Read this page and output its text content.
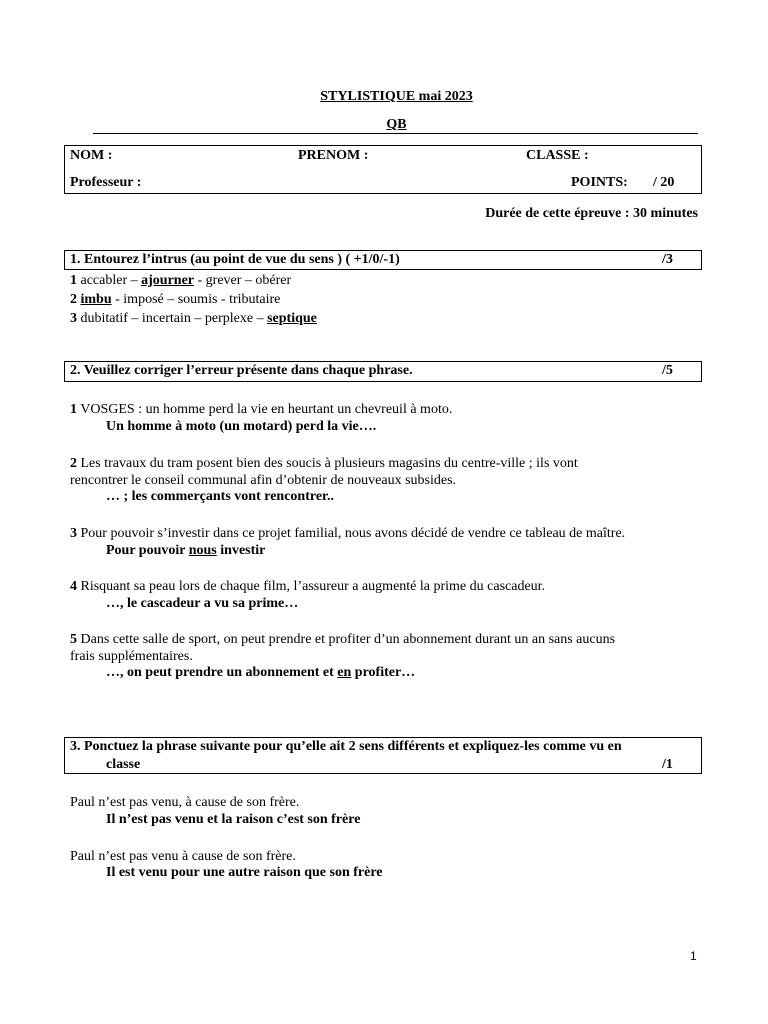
STYLISTIQUE mai 2023
QB
NOM :	PRENOM :	CLASSE :
Professeur :	POINTS: / 20
Durée de cette épreuve : 30 minutes
1. Entourez l’intrus (au point de vue du sens ) ( +1/0/-1)	/3
1 accabler – ajourner - grever – obérer
2 imbu - imposé – soumis - tributaire
3 dubitatif – incertain – perplexe – septique
2. Veuillez corriger l’erreur présente dans chaque phrase.	/5
1 VOSGES : un homme perd la vie en heurtant un chevreuil à moto.
Un homme à moto (un motard) perd la vie….
2 Les travaux du tram posent bien des soucis à plusieurs magasins du centre-ville ; ils vont
rencontrer le conseil communal afin d’obtenir de nouveaux subsides.
… ; les commerçants vont rencontrer..
3 Pour pouvoir s’investir dans ce projet familial, nous avons décidé de vendre ce tableau de maître.
Pour pouvoir nous investir
4 Risquant sa peau lors de chaque film, l’assureur a augmenté la prime du cascadeur.
…, le cascadeur a vu sa prime…
5 Dans cette salle de sport, on peut prendre et profiter d’un abonnement durant un an sans aucuns
frais supplémentaires.
…, on peut prendre un abonnement et en profiter…
3. Ponctuez la phrase suivante pour qu’elle ait 2 sens différents et expliquez-les comme vu en
classe	/1
Paul n’est pas venu, à cause de son frère.
Il n’est pas venu et la raison c’est son frère
Paul n’est pas venu à cause de son frère.
Il est venu pour une autre raison que son frère
1
